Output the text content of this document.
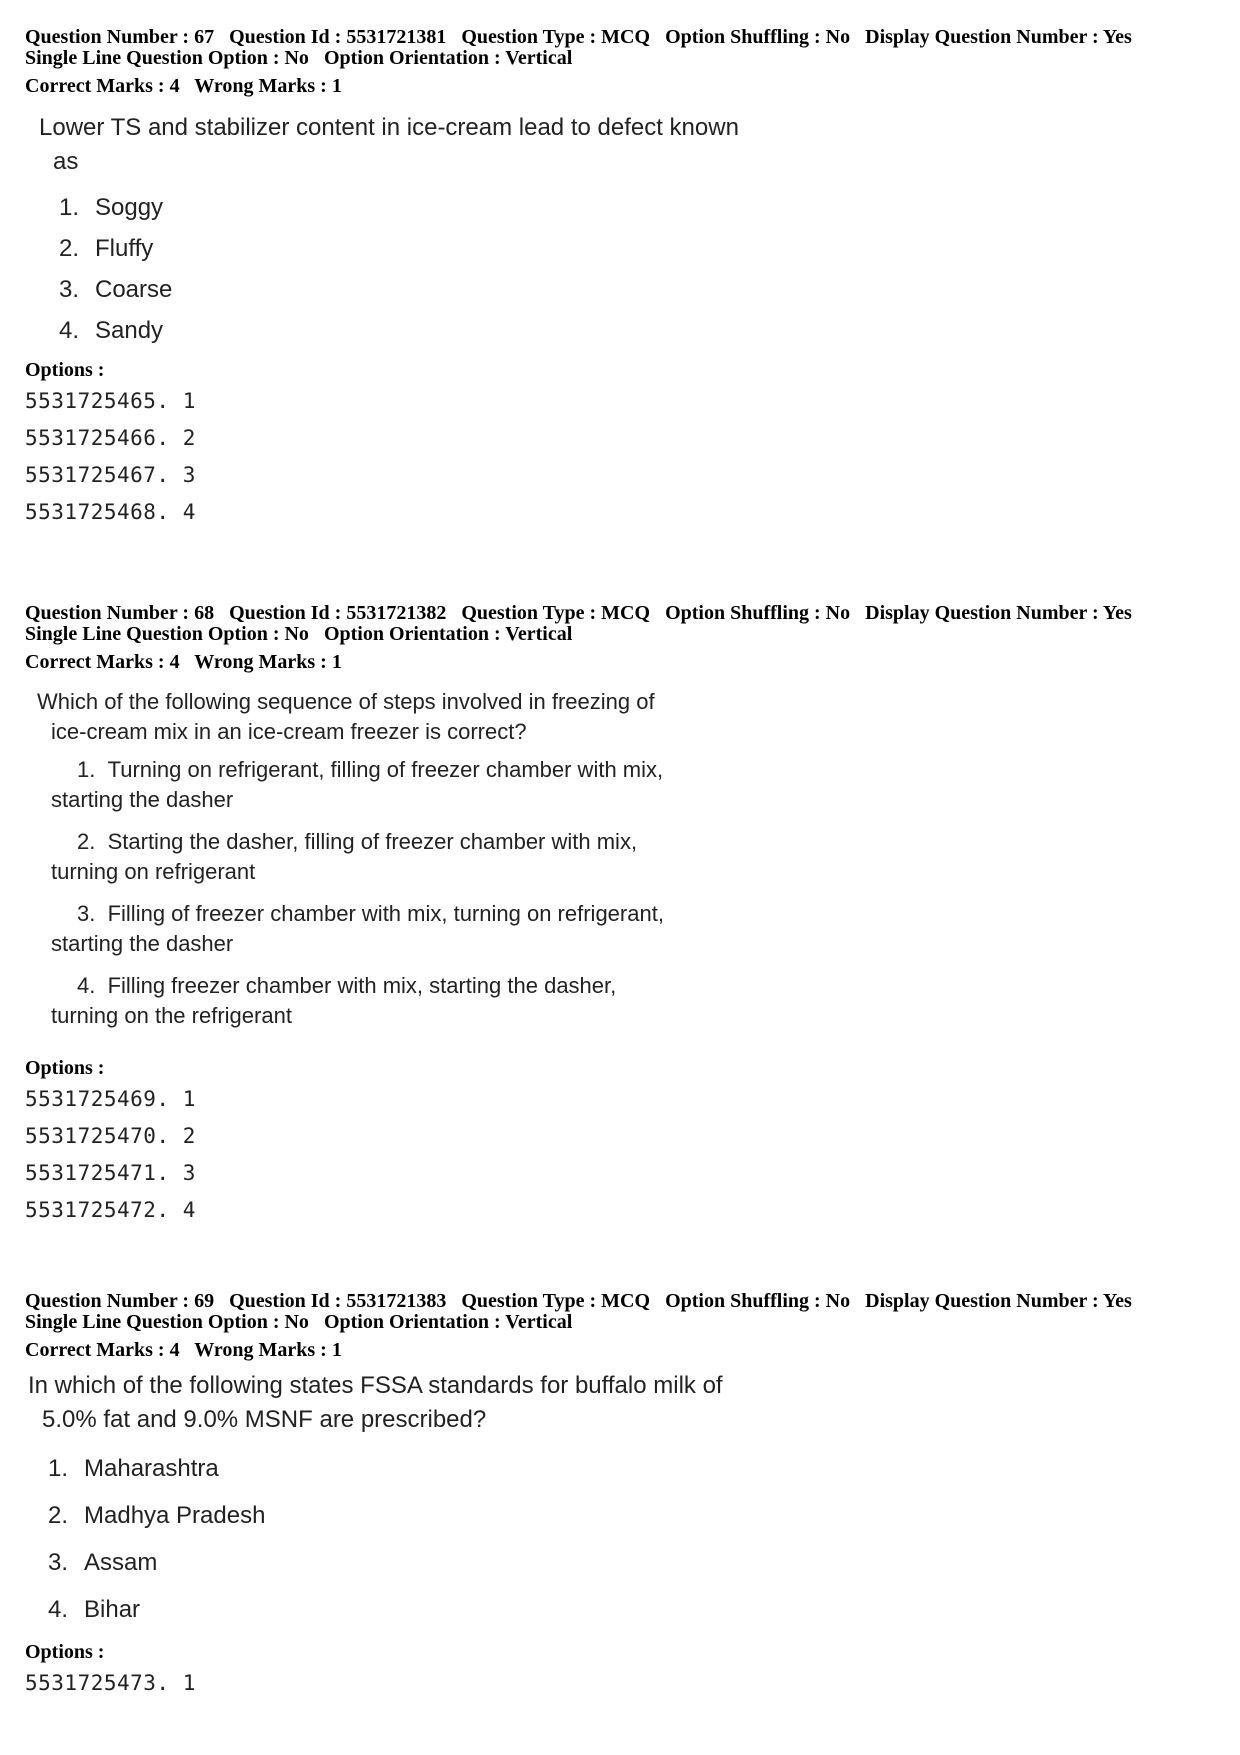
Question Number : 67 Question Id : 5531721381 Question Type : MCQ Option Shuffling : No Display Question Number : Yes
Single Line Question Option : No Option Orientation : Vertical
Correct Marks : 4 Wrong Marks : 1
Lower TS and stabilizer content in ice-cream lead to defect known
as
1. Soggy
2. Fluffy
3. Coarse
4. Sandy
Options :
5531725465. 1
5531725466. 2
5531725467. 3
5531725468. 4
Question Number : 68 Question Id : 5531721382 Question Type : MCQ Option Shuffling : No Display Question Number : Yes
Single Line Question Option : No Option Orientation : Vertical
Correct Marks : 4 Wrong Marks : 1
Which of the following sequence of steps involved in freezing of
ice-cream mix in an ice-cream freezer is correct?
1. Turning on refrigerant, filling of freezer chamber with mix,
starting the dasher
2. Starting the dasher, filling of freezer chamber with mix,
turning on refrigerant
3. Filling of freezer chamber with mix, turning on refrigerant,
starting the dasher
4. Filling freezer chamber with mix, starting the dasher,
turning on the refrigerant
Options :
5531725469. 1
5531725470. 2
5531725471. 3
5531725472. 4
Question Number : 69 Question Id : 5531721383 Question Type : MCQ Option Shuffling : No Display Question Number : Yes
Single Line Question Option : No Option Orientation : Vertical
Correct Marks : 4 Wrong Marks : 1
In which of the following states FSSA standards for buffalo milk of
5.0% fat and 9.0% MSNF are prescribed?
1. Maharashtra
2. Madhya Pradesh
3. Assam
4. Bihar
Options :
5531725473. 1
